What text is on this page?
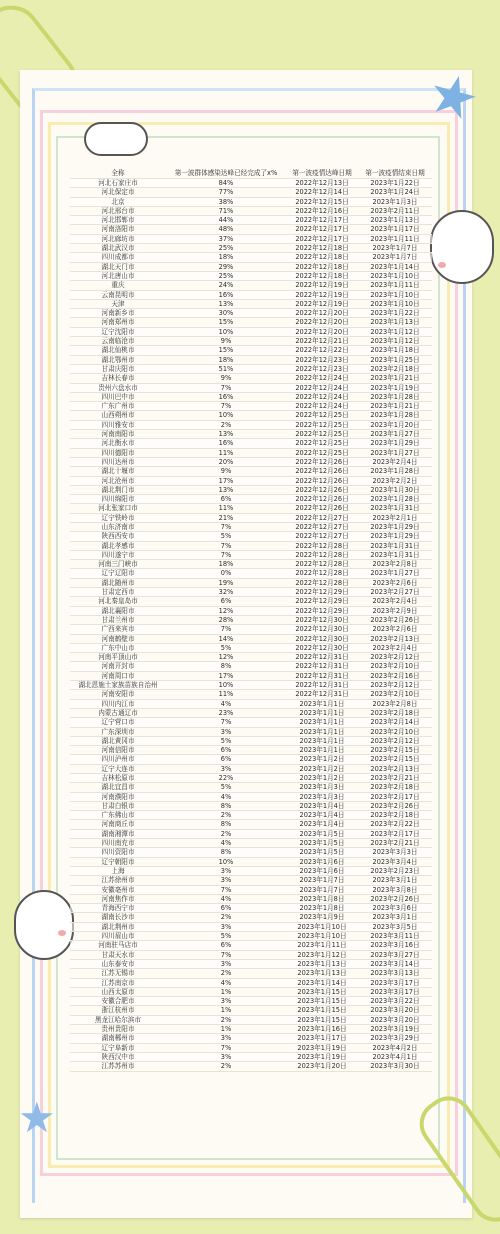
★
★
全称	第一波群体感染达峰已经完成了x%	第一波疫情达峰日期	第一波疫情结束日期
河北石家庄市	84%	2022年12月13日	2023年1月22日
河北保定市	77%	2022年12月14日	2023年1月24日
北京	38%	2022年12月15日	2023年1月3日
河北邢台市	71%	2022年12月16日	2023年2月11日
河北邯郸市	44%	2022年12月17日	2023年1月13日
河南洛阳市	48%	2022年12月17日	2023年1月17日
河北廊坊市	37%	2022年12月17日	2023年1月11日
湖北武汉市	25%	2022年12月18日	2023年1月7日
四川成都市	18%	2022年12月18日	2023年1月7日
湖北天门市	29%	2022年12月18日	2023年1月14日
河北唐山市	25%	2022年12月18日	2023年1月10日
重庆	24%	2022年12月19日	2023年1月11日
云南昆明市	16%	2022年12月19日	2023年1月10日
天津	13%	2022年12月19日	2023年1月10日
河南新乡市	30%	2022年12月20日	2023年1月22日
河南郑州市	15%	2022年12月20日	2023年1月13日
辽宁沈阳市	10%	2022年12月20日	2023年1月12日
云南临沧市	9%	2022年12月21日	2023年1月12日
湖北仙桃市	15%	2022年12月22日	2023年1月18日
湖北鄂州市	18%	2022年12月23日	2023年1月25日
甘肃庆阳市	51%	2022年12月23日	2023年2月18日
吉林长春市	9%	2022年12月24日	2023年1月21日
贵州六盘水市	7%	2022年12月24日	2023年1月19日
四川巴中市	16%	2022年12月24日	2023年1月28日
广东广州市	7%	2022年12月24日	2023年1月21日
山西朔州市	10%	2022年12月25日	2023年1月28日
四川雅安市	2%	2022年12月25日	2023年1月20日
河南南阳市	13%	2022年12月25日	2023年1月27日
河北衡水市	16%	2022年12月25日	2023年1月29日
四川德阳市	11%	2022年12月25日	2023年1月27日
四川达州市	20%	2022年12月26日	2023年2月4日
湖北十堰市	9%	2022年12月26日	2023年1月28日
河北沧州市	17%	2022年12月26日	2023年2月2日
湖北荆门市	13%	2022年12月26日	2023年1月30日
四川绵阳市	6%	2022年12月26日	2023年1月28日
河北张家口市	11%	2022年12月26日	2023年1月31日
辽宁铁岭市	21%	2022年12月27日	2023年2月1日
山东济南市	7%	2022年12月27日	2023年1月29日
陕西西安市	5%	2022年12月27日	2023年1月29日
湖北孝感市	7%	2022年12月28日	2023年1月31日
四川遂宁市	7%	2022年12月28日	2023年1月31日
河南三门峡市	18%	2022年12月28日	2023年2月8日
辽宁辽阳市	0%	2022年12月28日	2023年1月27日
湖北随州市	19%	2022年12月28日	2023年2月6日
甘肃定西市	32%	2022年12月29日	2023年2月27日
河北秦皇岛市	6%	2022年12月29日	2023年2月4日
湖北襄阳市	12%	2022年12月29日	2023年2月9日
甘肃兰州市	28%	2022年12月30日	2023年2月26日
广西来宾市	7%	2022年12月30日	2023年2月6日
河南鹤壁市	14%	2022年12月30日	2023年2月13日
广东中山市	5%	2022年12月30日	2023年2月4日
河南平顶山市	12%	2022年12月31日	2023年2月12日
河南开封市	8%	2022年12月31日	2023年2月10日
河南周口市	17%	2022年12月31日	2023年2月16日
湖北恩施土家族苗族自治州	10%	2022年12月31日	2023年2月12日
河南安阳市	11%	2022年12月31日	2023年2月10日
四川内江市	4%	2023年1月1日	2023年2月8日
内蒙古通辽市	23%	2023年1月1日	2023年2月18日
辽宁营口市	7%	2023年1月1日	2023年2月14日
广东深圳市	3%	2023年1月1日	2023年2月10日
湖北黄冈市	5%	2023年1月1日	2023年2月12日
河南信阳市	6%	2023年1月1日	2023年2月15日
四川泸州市	6%	2023年1月2日	2023年2月15日
辽宁大连市	3%	2023年1月2日	2023年2月13日
吉林松原市	22%	2023年1月2日	2023年2月21日
湖北宜昌市	5%	2023年1月3日	2023年2月18日
河南濮阳市	4%	2023年1月3日	2023年2月17日
甘肃白银市	8%	2023年1月4日	2023年2月26日
广东佛山市	2%	2023年1月4日	2023年2月18日
河南商丘市	8%	2023年1月4日	2023年2月22日
湖南湘潭市	2%	2023年1月5日	2023年2月17日
四川南充市	4%	2023年1月5日	2023年2月21日
四川资阳市	8%	2023年1月5日	2023年3月3日
辽宁朝阳市	10%	2023年1月6日	2023年3月4日
上海	3%	2023年1月6日	2023年2月23日
江苏徐州市	3%	2023年1月7日	2023年3月1日
安徽亳州市	7%	2023年1月7日	2023年3月8日
河南焦作市	4%	2023年1月8日	2023年2月26日
青海西宁市	6%	2023年1月8日	2023年3月6日
湖南长沙市	2%	2023年1月9日	2023年3月1日
湖北荆州市	3%	2023年1月10日	2023年3月5日
四川眉山市	5%	2023年1月10日	2023年3月11日
河南驻马店市	6%	2023年1月11日	2023年3月16日
甘肃天水市	7%	2023年1月12日	2023年3月27日
山东泰安市	3%	2023年1月13日	2023年3月14日
江苏无锡市	2%	2023年1月13日	2023年3月13日
江苏南京市	4%	2023年1月14日	2023年3月17日
山西太原市	1%	2023年1月15日	2023年3月17日
安徽合肥市	3%	2023年1月15日	2023年3月22日
浙江杭州市	1%	2023年1月15日	2023年3月20日
黑龙江哈尔滨市	2%	2023年1月15日	2023年3月20日
贵州贵阳市	1%	2023年1月16日	2023年3月19日
湖南郴州市	3%	2023年1月17日	2023年3月29日
辽宁阜新市	7%	2023年1月19日	2023年4月2日
陕西汉中市	3%	2023年1月19日	2023年4月1日
江苏苏州市	2%	2023年1月20日	2023年3月30日
